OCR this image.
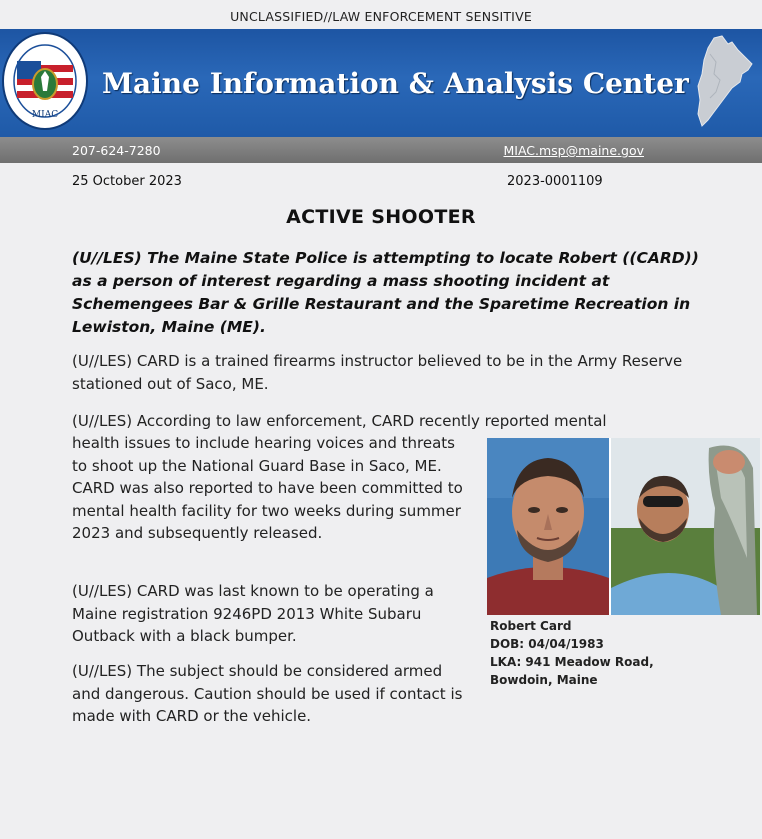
UNCLASSIFIED//LAW ENFORCEMENT SENSITIVE
MIAC
Maine Information & Analysis Center
207-624-7280	MIAC.msp@maine.gov
25 October 2023	2023-0001109
ACTIVE SHOOTER
(U//LES) The Maine State Police is attempting to locate Robert ((CARD)) as a person of interest regarding a mass shooting incident at Schemengees Bar & Grille Restaurant and the Sparetime Recreation in Lewiston, Maine (ME).
(U//LES) CARD is a trained firearms instructor believed to be in the Army Reserve stationed out of Saco, ME.
(U//LES) According to law enforcement, CARD recently reported mental
health issues to include hearing voices and threats to shoot up the National Guard Base in Saco, ME. CARD was also reported to have been committed to mental health facility for two weeks during summer 2023 and subsequently released.
(U//LES) CARD was last known to be operating a Maine registration 9246PD 2013 White Subaru Outback with a black bumper.
(U//LES) The subject should be considered armed and dangerous. Caution should be used if contact is made with CARD or the vehicle.
Robert Card
DOB: 04/04/1983
LKA: 941 Meadow Road,
Bowdoin, Maine
